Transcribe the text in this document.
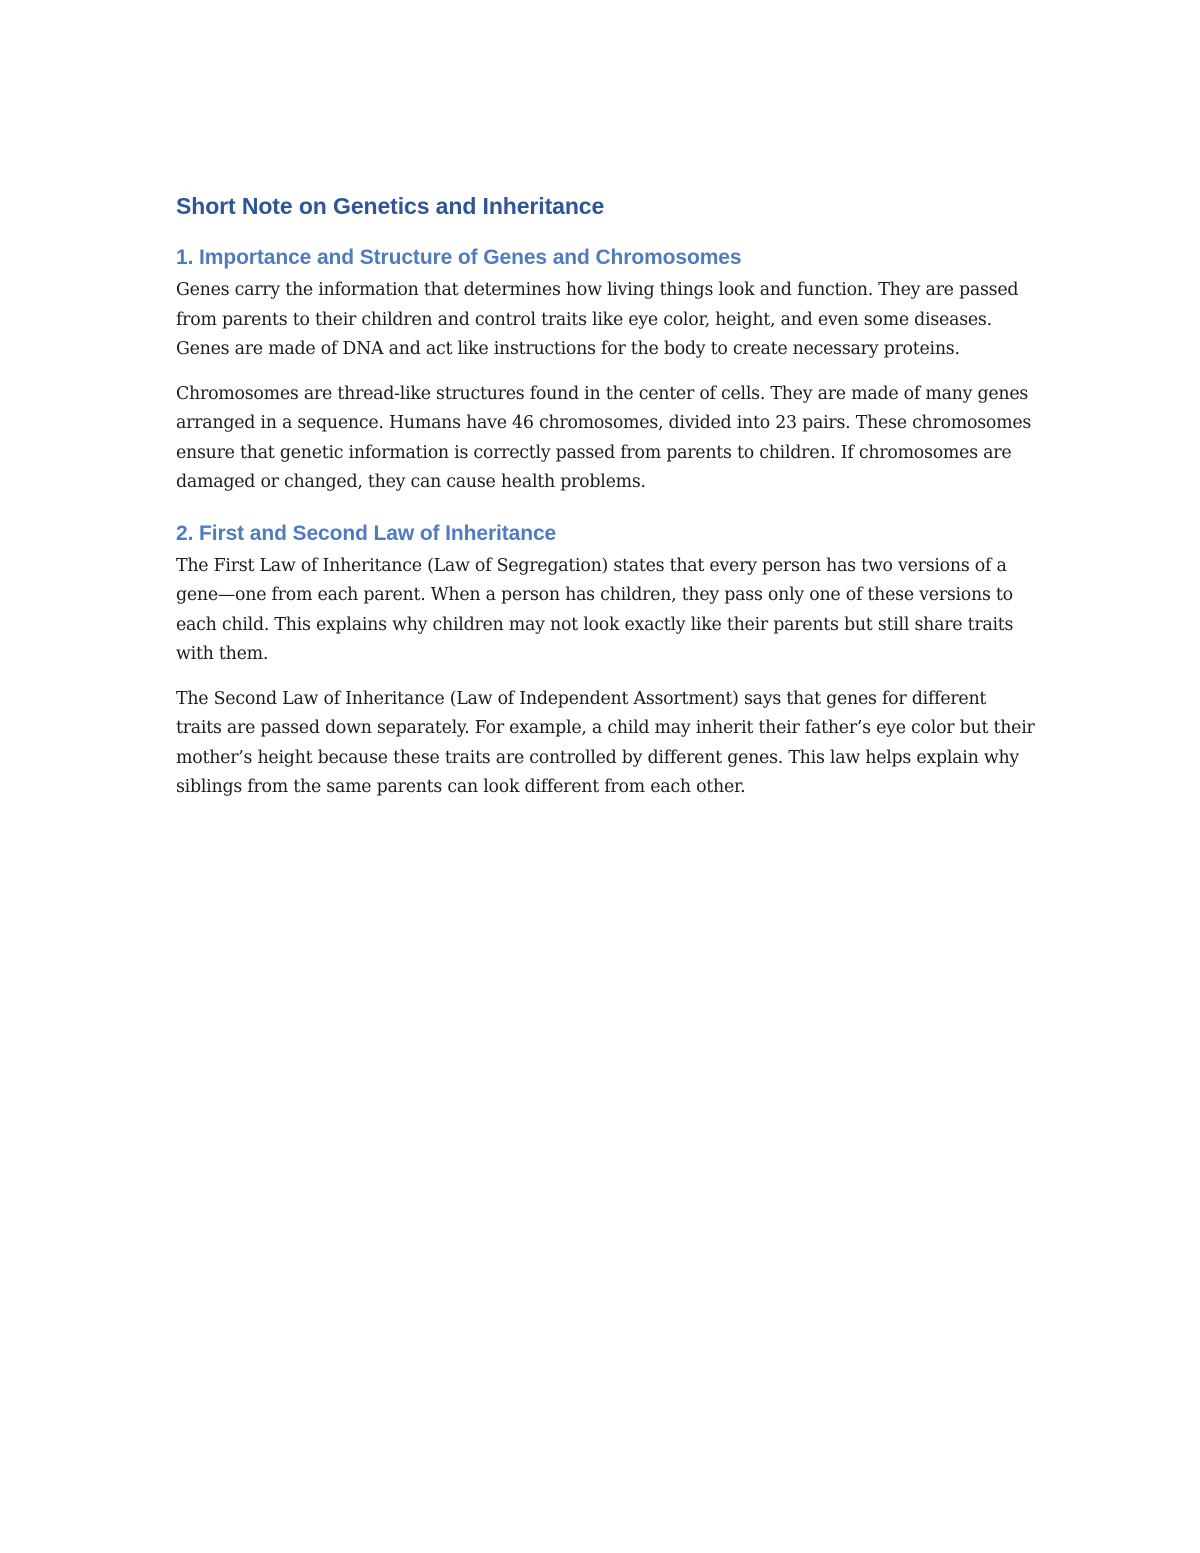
Short Note on Genetics and Inheritance
1. Importance and Structure of Genes and Chromosomes

Genes carry the information that determines how living things look and function. They are passed from parents to their children and control traits like eye color, height, and even some diseases. Genes are made of DNA and act like instructions for the body to create necessary proteins.

Chromosomes are thread-like structures found in the center of cells. They are made of many genes arranged in a sequence. Humans have 46 chromosomes, divided into 23 pairs. These chromosomes ensure that genetic information is correctly passed from parents to children. If chromosomes are damaged or changed, they can cause health problems.

2. First and Second Law of Inheritance

The First Law of Inheritance (Law of Segregation) states that every person has two versions of a gene—one from each parent. When a person has children, they pass only one of these versions to each child. This explains why children may not look exactly like their parents but still share traits with them.

The Second Law of Inheritance (Law of Independent Assortment) says that genes for different traits are passed down separately. For example, a child may inherit their father’s eye color but their mother’s height because these traits are controlled by different genes. This law helps explain why siblings from the same parents can look different from each other.
